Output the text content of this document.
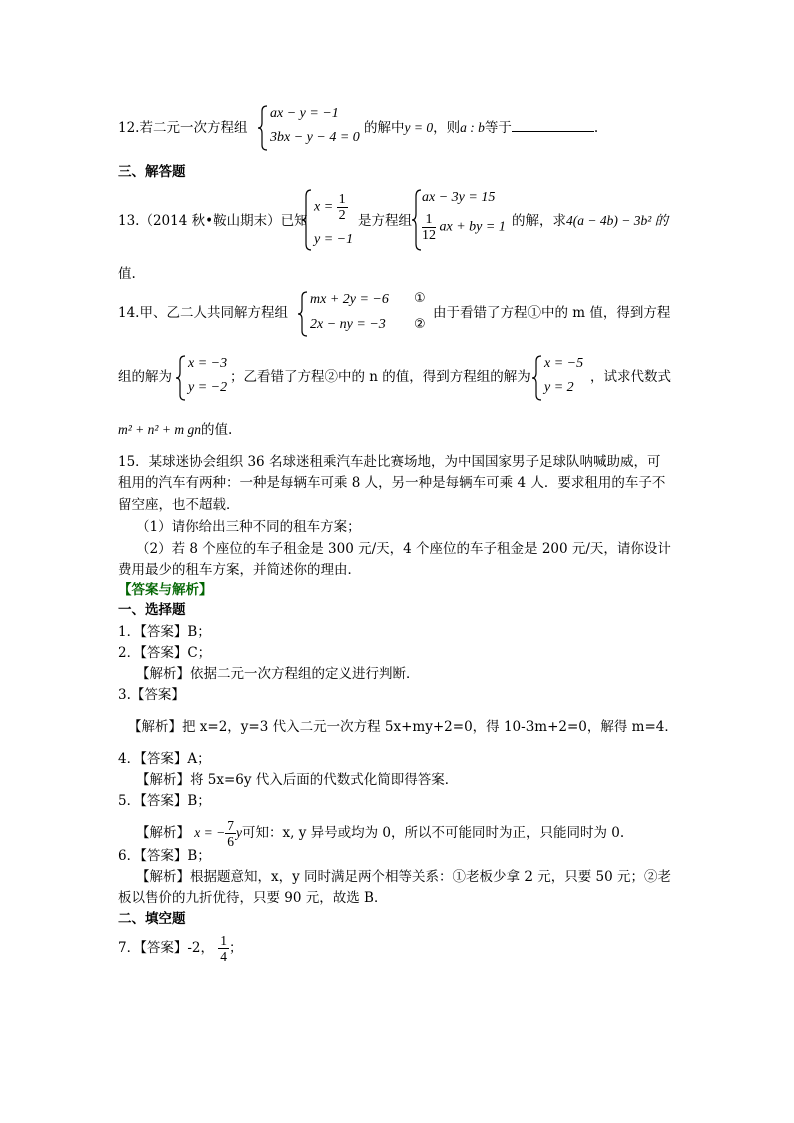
12.若二元一次方程组
ax − y = −1
3bx − y − 4 = 0
的解中y = 0，则a : b等于	.
三、解答题
13.（2014 秋•鞍山期末）已知
$x = \frac{1}{2}$
y = −1
是方程组
ax − 3y = 15
$\frac{1}{12}$ ax + by = 1 的解，求4(a − 4b) − 3b² 的
值.
14.甲、乙二人共同解方程组
mx + 2y = −6
2x − ny = −3
①
②
由于看错了方程①中的 m 值，得到方程
组的解为
x = −3
y = −2
；乙看错了方程②中的 n 的值，得到方程组的解为
x = −5
y = 2
，试求代数式
m² + n² + m gn的值.
15．某球迷协会组织 36 名球迷租乘汽车赴比赛场地，为中国国家男子足球队呐喊助威，可
租用的汽车有两种：一种是每辆车可乘 8 人，另一种是每辆车可乘 4 人．要求租用的车子不
留空座，也不超载．
（1）请你给出三种不同的租车方案；
（2）若 8 个座位的车子租金是 300 元/天，4 个座位的车子租金是 200 元/天，请你设计
费用最少的租车方案，并简述你的理由．
【答案与解析】
一、选择题
1．【答案】B；
2．【答案】C；
【解析】依据二元一次方程组的定义进行判断．
3.【答案】
【解析】把 x=2，y=3 代入二元一次方程 5x+my+2=0，得 10-3m+2=0，解得 m=4．
4．【答案】A；
【解析】将 5x=6y 代入后面的代数式化简即得答案．
5．【答案】B；
【解析】 x = − $\frac{7}{6}$ y可知：x, y 异号或均为 0，所以不可能同时为正，只能同时为 0.
6．【答案】B；
【解析】根据题意知，x，y 同时满足两个相等关系：①老板少拿 2 元，只要 50 元；②老
板以售价的九折优待，只要 90 元，故选 B．
二、填空题
7．【答案】-2， $\frac{1}{4}$ ；
